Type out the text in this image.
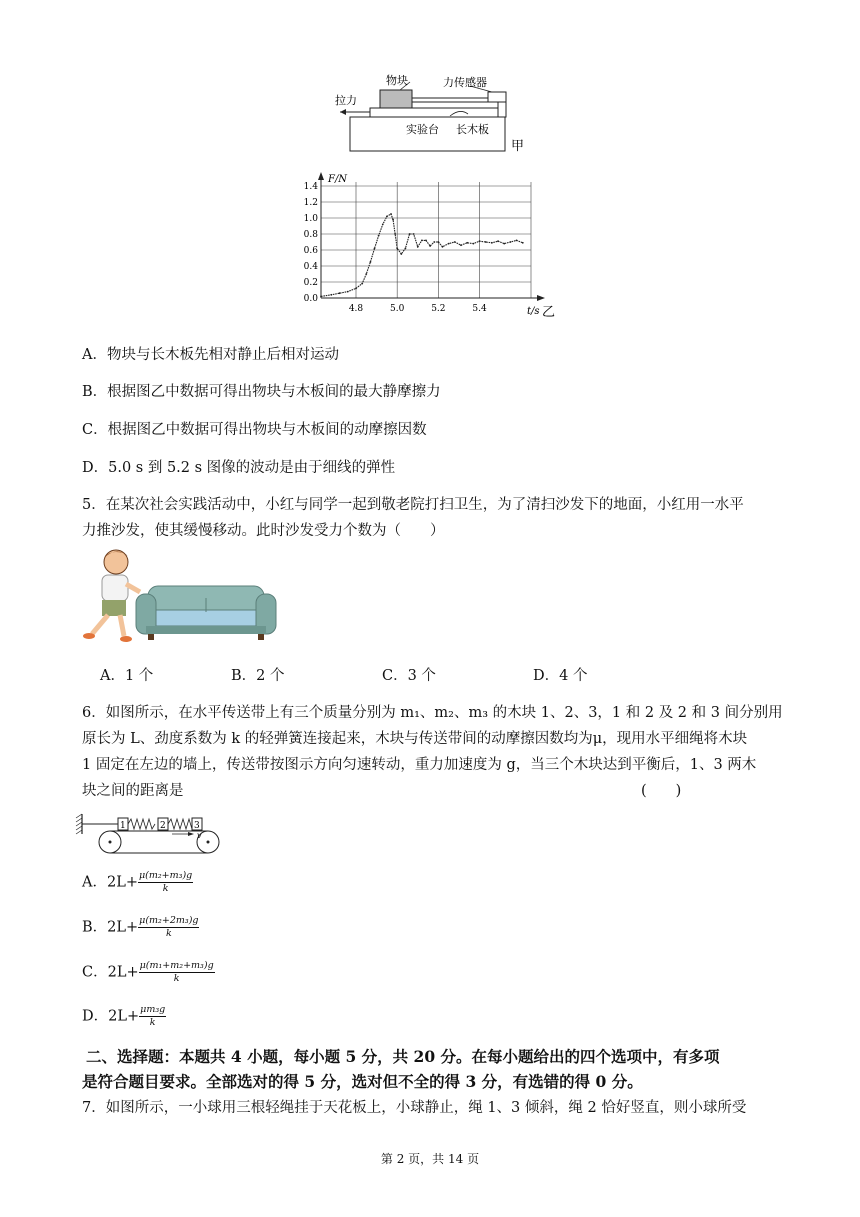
物块	力传感器
拉力
实验台 长木板
甲
F/N
t/s 乙
0.0
0.2
0.4
0.6
0.8
1.0
1.2
1.4
4.8	5.0	5.2	5.4
A．物块与长木板先相对静止后相对运动
B．根据图乙中数据可得出物块与木板间的最大静摩擦力
C．根据图乙中数据可得出物块与木板间的动摩擦因数
D．5.0 s 到 5.2 s 图像的波动是由于细线的弹性
5．在某次社会实践活动中，小红与同学一起到敬老院打扫卫生，为了清扫沙发下的地面，小红用一水平
力推沙发，使其缓慢移动。此时沙发受力个数为（　　）
A．1 个	B．2 个	C．3 个	D．4 个
6．如图所示，在水平传送带上有三个质量分别为 m₁、m₂、m₃ 的木块 1、2、3，1 和 2 及 2 和 3 间分别用
原长为 L、劲度系数为 k 的轻弹簧连接起来，木块与传送带间的动摩擦因数均为μ，现用水平细绳将木块
1 固定在左边的墙上，传送带按图示方向匀速转动，重力加速度为 g，当三个木块达到平衡后，1、3 两木
块之间的距离是	(　　)
1	2	3
v
A．$2L+ \frac{\text{μ(m₂+m₃)g}}{k}$
B．$2L+ \frac{\text{μ(m₂+2m₃)g}}{k}$
C．$2L+ \frac{\text{μ(m₁+m₂+m₃)g}}{k}$
D．$2L+ \frac{\text{μm₃g}}{k}$
二、选择题：本题共 4 小题，每小题 5 分，共 20 分。在每小题给出的四个选项中，有多项
是符合题目要求。全部选对的得 5 分，选对但不全的得 3 分，有选错的得 0 分。
7．如图所示，一小球用三根轻绳挂于天花板上，小球静止，绳 1、3 倾斜，绳 2 恰好竖直，则小球所受
第 2 页，共 14 页
